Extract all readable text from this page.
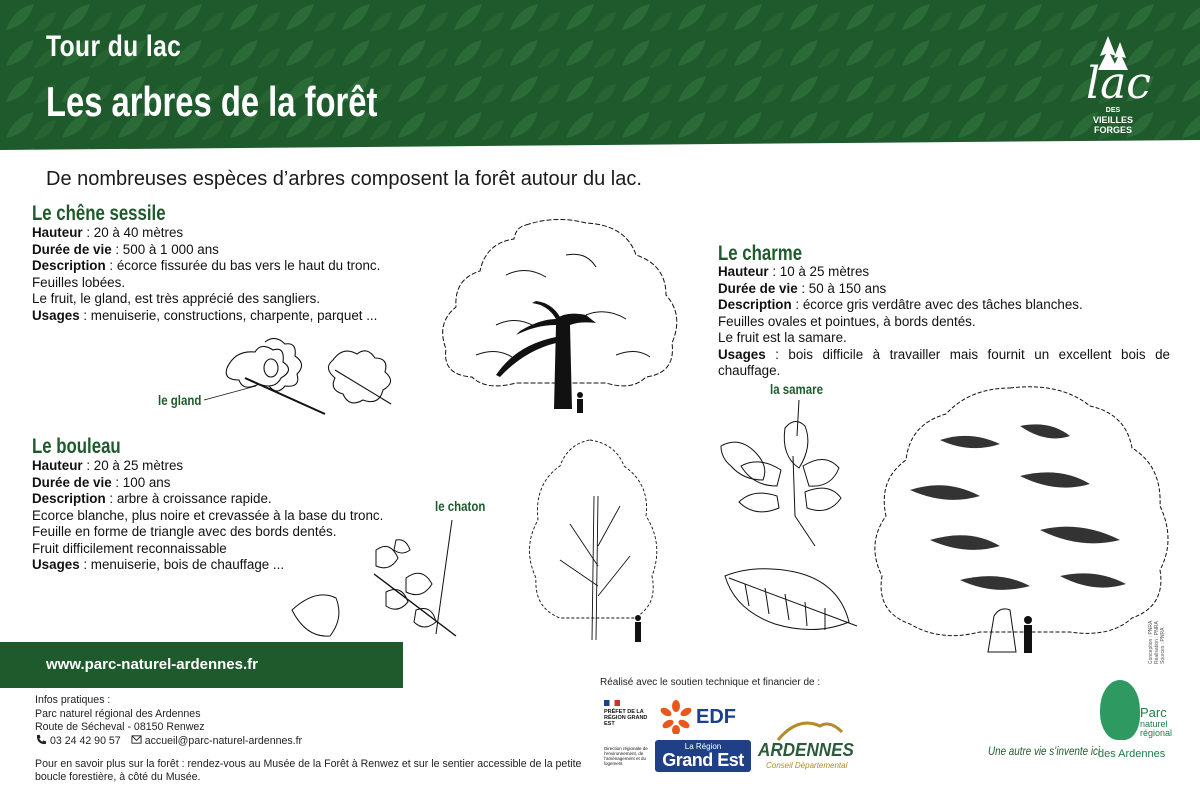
Tour du lac
Les arbres de la forêt	lac
DES
VIEILLES
FORGES
De nombreuses espèces d’arbres composent la forêt autour du lac.
Le chêne sessile
Hauteur : 20 à 40 mètres
Durée de vie : 500 à 1 000 ans
Description : écorce fissurée du bas vers le haut du tronc.
Feuilles lobées.
Le fruit, le gland, est très apprécié des sangliers.
Usages : menuiserie, constructions, charpente, parquet ...
le gland
Le charme
Hauteur : 10 à 25 mètres
Durée de vie : 50 à 150 ans
Description : écorce gris verdâtre avec des tâches blanches.
Feuilles ovales et pointues, à bords dentés.
Le fruit est la samare.
Usages : bois difficile à travailler mais fournit un excellent bois de chauffage.
la samare
Le bouleau
Hauteur : 20 à 25 mètres
Durée de vie : 100 ans
Description : arbre à croissance rapide.
Ecorce blanche, plus noire et crevassée à la base du tronc.
Feuille en forme de triangle avec des bords dentés.
Fruit difficilement reconnaissable
Usages : menuiserie, bois de chauffage ...
le chaton
www.parc-naturel-ardennes.fr
Infos pratiques :
Parc naturel régional des Ardennes
Route de Sécheval - 08150 Renwez
03 24 42 90 57	accueil@parc-naturel-ardennes.fr
Pour en savoir plus sur la forêt : rendez-vous au Musée de la Forêt à Renwez et sur le sentier accessible de la petite boucle forestière, à côté du Musée.
Réalisé avec le soutien technique et financier de :
PRÉFET DE LA RÉGION GRAND EST
Direction régionale de l’environnement, de l’aménagement et du logement
EDF
La Région
Grand Est ARDENNES
Conseil Départemental
Une autre vie s’invente ici
Parc
naturel
régional
des Ardennes
Conception : PNRA Réalisation : PNRA Sources : PNRA
